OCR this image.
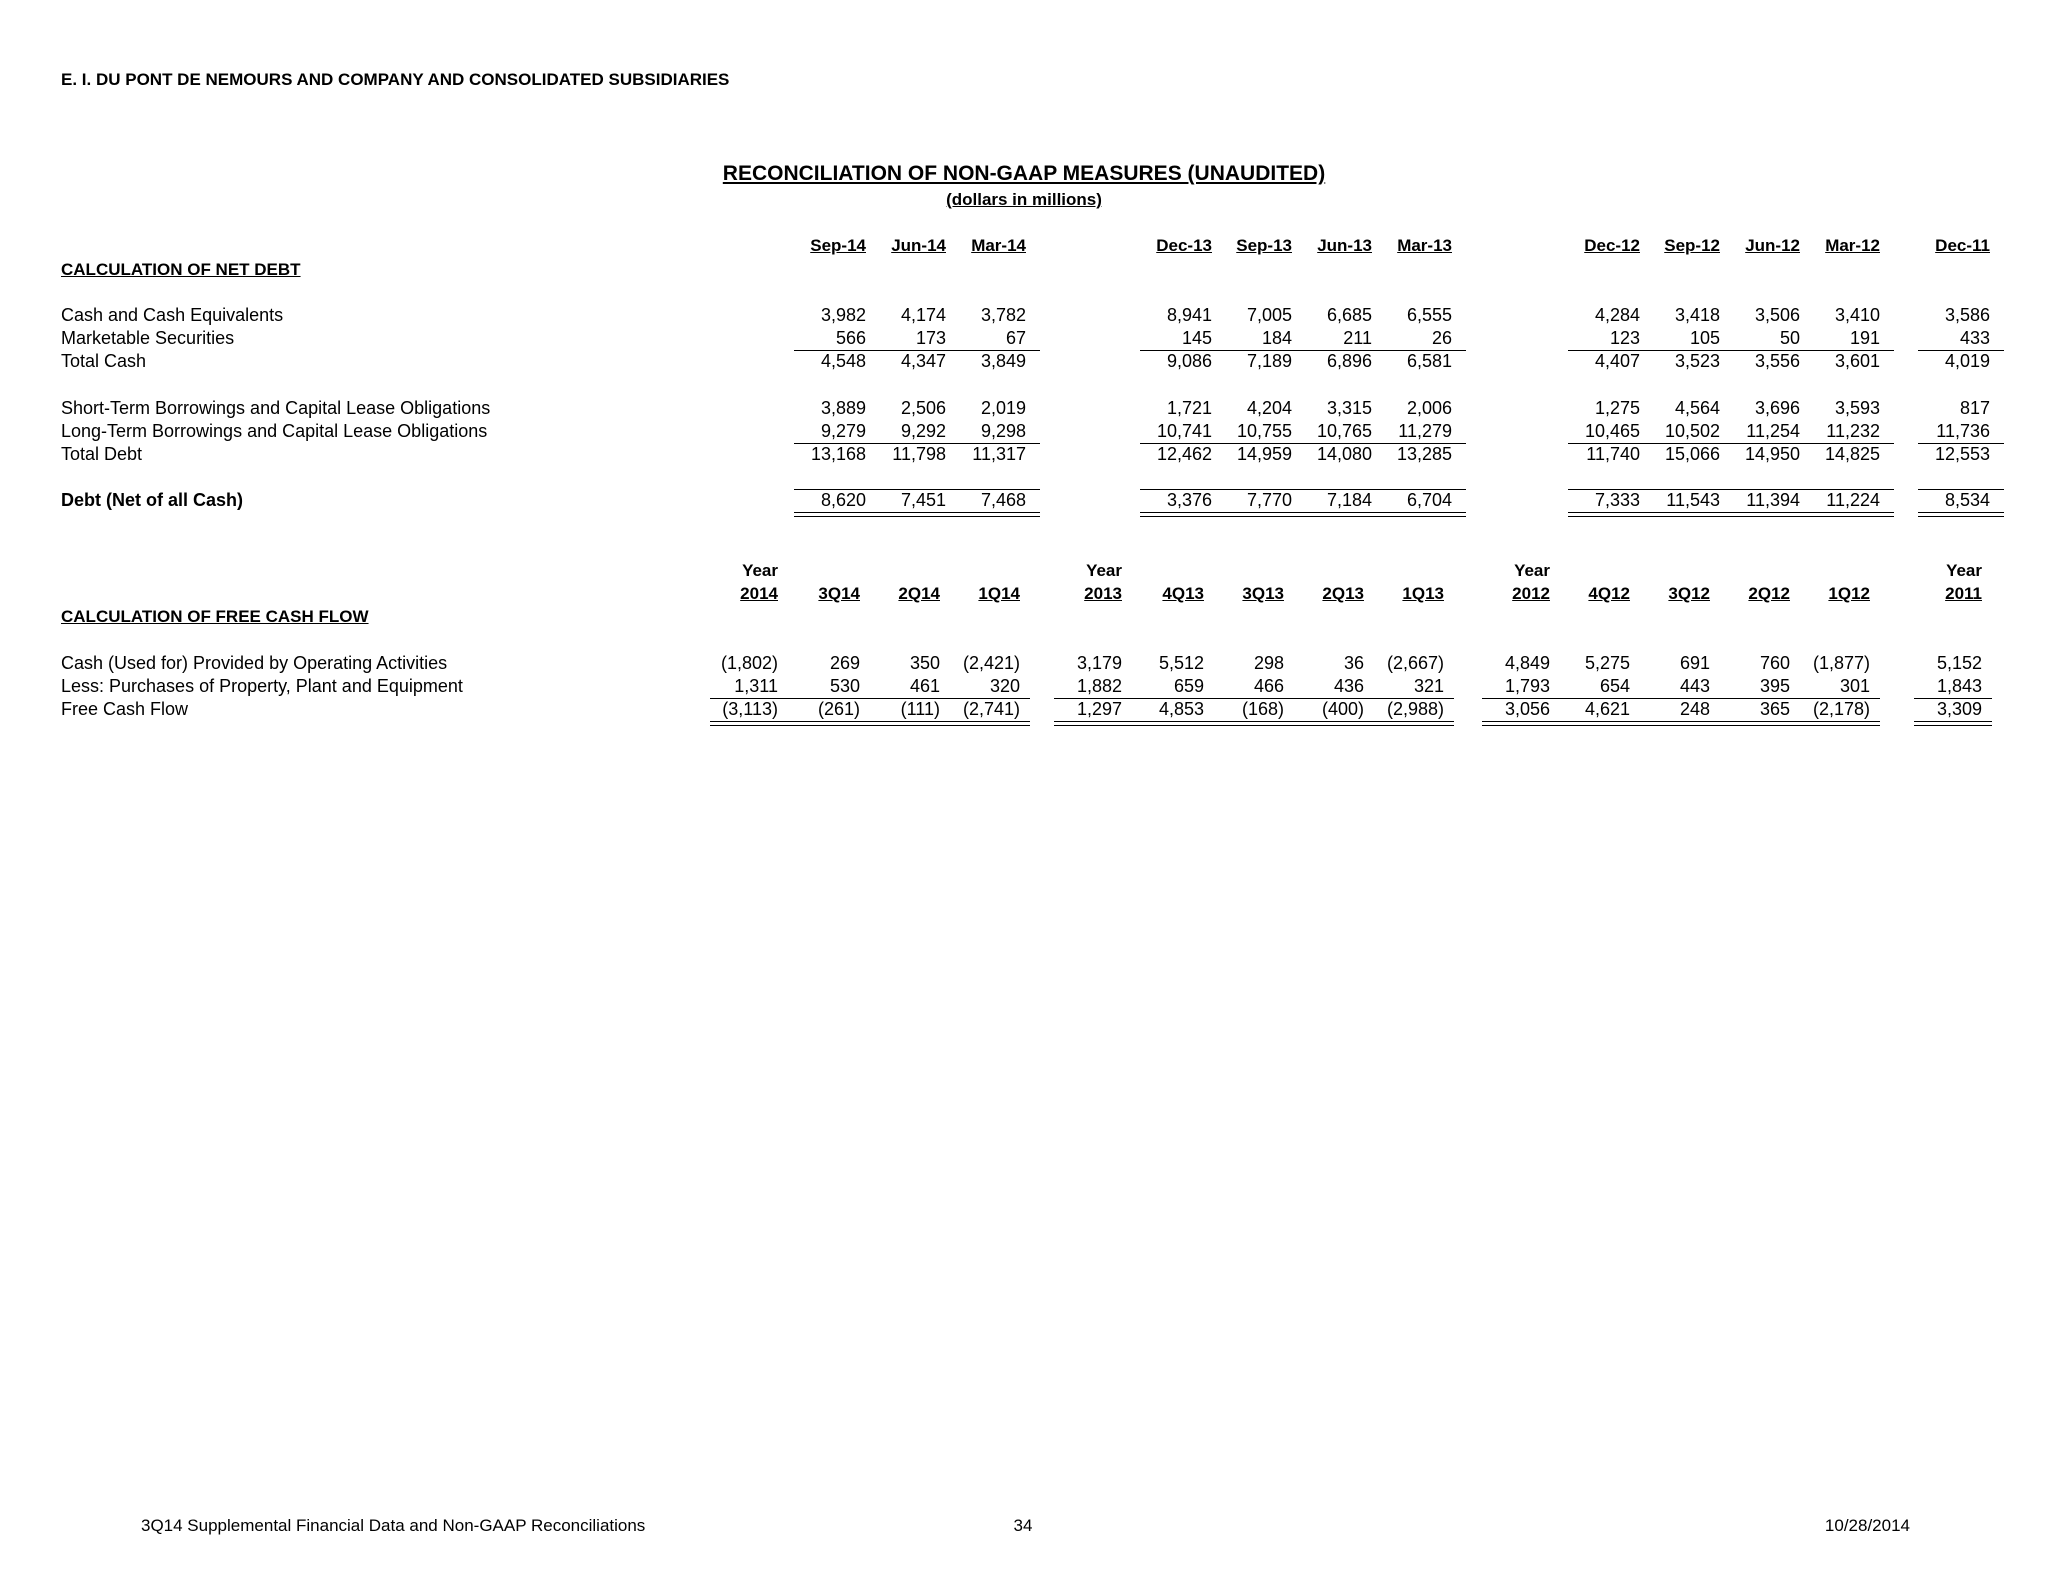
E. I. DU PONT DE NEMOURS AND COMPANY AND CONSOLIDATED SUBSIDIARIES
RECONCILIATION OF NON-GAAP MEASURES (UNAUDITED)
(dollars in millions)
CALCULATION OF NET DEBT
Sep-14	Jun-14	Mar-14	Dec-13	Sep-13	Jun-13	Mar-13	Dec-12	Sep-12	Jun-12	Mar-12	Dec-11
Cash and Cash Equivalents	3,982	4,174	3,782	8,941	7,005	6,685	6,555	4,284	3,418	3,506	3,410	3,586
Marketable Securities	566	173	67	145	184	211	26	123	105	50	191	433
Total Cash	4,548	4,347	3,849	9,086	7,189	6,896	6,581	4,407	3,523	3,556	3,601	4,019
Short-Term Borrowings and Capital Lease Obligations	3,889	2,506	2,019	1,721	4,204	3,315	2,006	1,275	4,564	3,696	3,593	817
Long-Term Borrowings and Capital Lease Obligations	9,279	9,292	9,298	10,741	10,755	10,765	11,279	10,465	10,502	11,254	11,232	11,736
Total Debt	13,168	11,798	11,317	12,462	14,959	14,080	13,285	11,740	15,066	14,950	14,825	12,553
Debt (Net of all Cash)	8,620	7,451	7,468	3,376	7,770	7,184	6,704	7,333	11,543	11,394	11,224	8,534
CALCULATION OF FREE CASH FLOW
Year	Year	Year	Year
2014	3Q14	2Q14	1Q14	2013	4Q13	3Q13	2Q13	1Q13	2012	4Q12	3Q12	2Q12	1Q12	2011
Cash (Used for) Provided by Operating Activities	(1,802)	269	350	(2,421)	3,179	5,512	298	36	(2,667)	4,849	5,275	691	760	(1,877)	5,152
Less: Purchases of Property, Plant and Equipment	1,311	530	461	320	1,882	659	466	436	321	1,793	654	443	395	301	1,843
Free Cash Flow	(3,113)	(261)	(111)	(2,741)	1,297	4,853	(168)	(400)	(2,988)	3,056	4,621	248	365	(2,178)	3,309
3Q14 Supplemental Financial Data and Non-GAAP Reconciliations	34	10/28/2014
